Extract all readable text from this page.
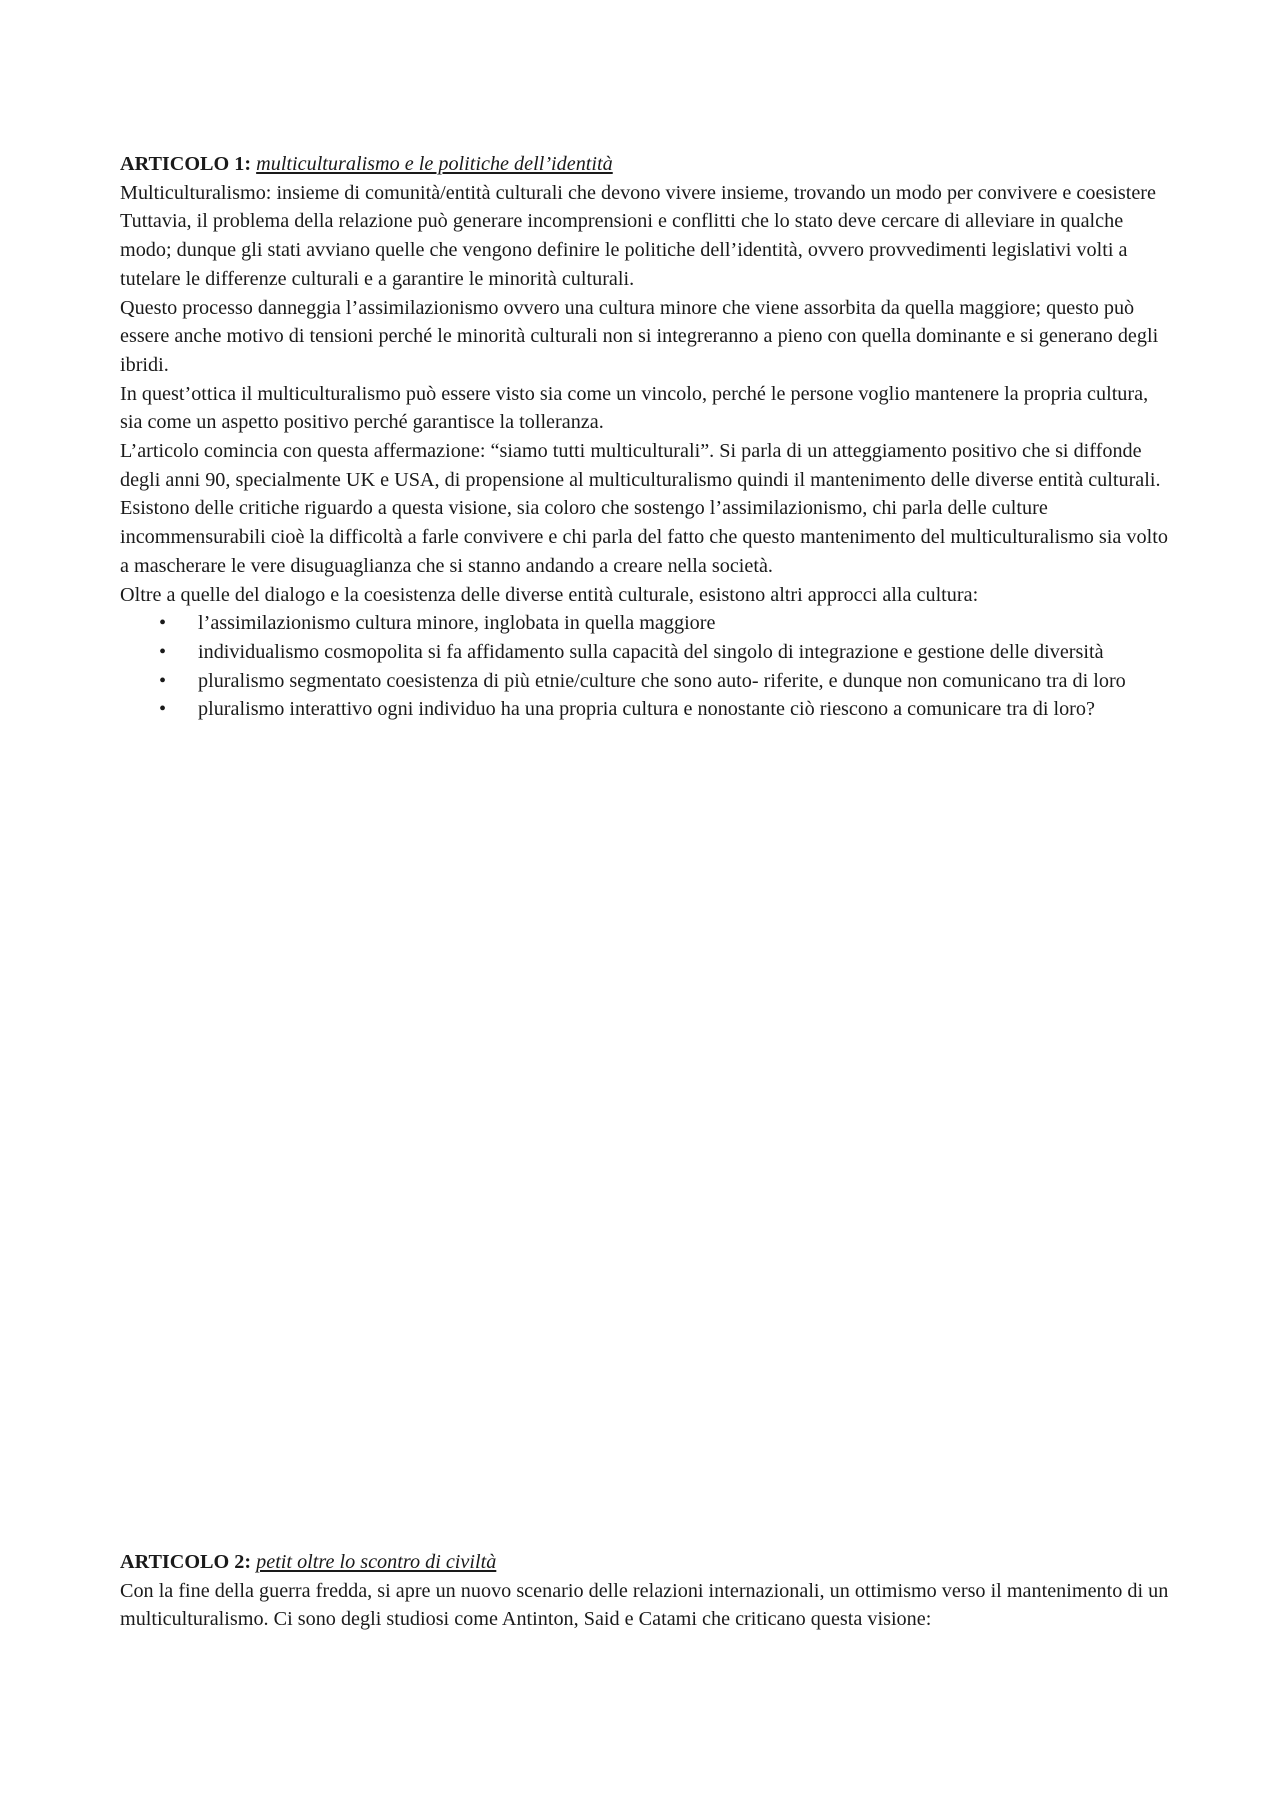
ARTICOLO 1: multiculturalismo e le politiche dell’identità

Multiculturalismo: insieme di comunità/entità culturali che devono vivere insieme, trovando un modo per convivere e coesistere

Tuttavia, il problema della relazione può generare incomprensioni e conflitti che lo stato deve cercare di alleviare in qualche modo; dunque gli stati avviano quelle che vengono definire le politiche dell’identità, ovvero provvedimenti legislativi volti a tutelare le differenze culturali e a garantire le minorità culturali.

Questo processo danneggia l’assimilazionismo ovvero una cultura minore che viene assorbita da quella maggiore; questo può essere anche motivo di tensioni perché le minorità culturali non si integreranno a pieno con quella dominante e si generano degli ibridi.

In quest’ottica il multiculturalismo può essere visto sia come un vincolo, perché le persone voglio mantenere la propria cultura, sia come un aspetto positivo perché garantisce la tolleranza.

L’articolo comincia con questa affermazione: “siamo tutti multiculturali”. Si parla di un atteggiamento positivo che si diffonde degli anni 90, specialmente UK e USA, di propensione al multiculturalismo quindi il mantenimento delle diverse entità culturali.

Esistono delle critiche riguardo a questa visione, sia coloro che sostengo l’assimilazionismo, chi parla delle culture incommensurabili cioè la difficoltà a farle convivere e chi parla del fatto che questo mantenimento del multiculturalismo sia volto a mascherare le vere disuguaglianza che si stanno andando a creare nella società.

Oltre a quelle del dialogo e la coesistenza delle diverse entità culturale, esistono altri approcci alla cultura:

• l’assimilazionismo cultura minore, inglobata in quella maggiore
• individualismo cosmopolita si fa affidamento sulla capacità del singolo di integrazione e gestione delle diversità
• pluralismo segmentato coesistenza di più etnie/culture che sono auto- riferite, e dunque non comunicano tra di loro
• pluralismo interattivo ogni individuo ha una propria cultura e nonostante ciò riescono a comunicare tra di loro?
ARTICOLO 2: petit oltre lo scontro di civiltà

Con la fine della guerra fredda, si apre un nuovo scenario delle relazioni internazionali, un ottimismo verso il mantenimento di un multiculturalismo. Ci sono degli studiosi come Antinton, Said e Catami che criticano questa visione:
